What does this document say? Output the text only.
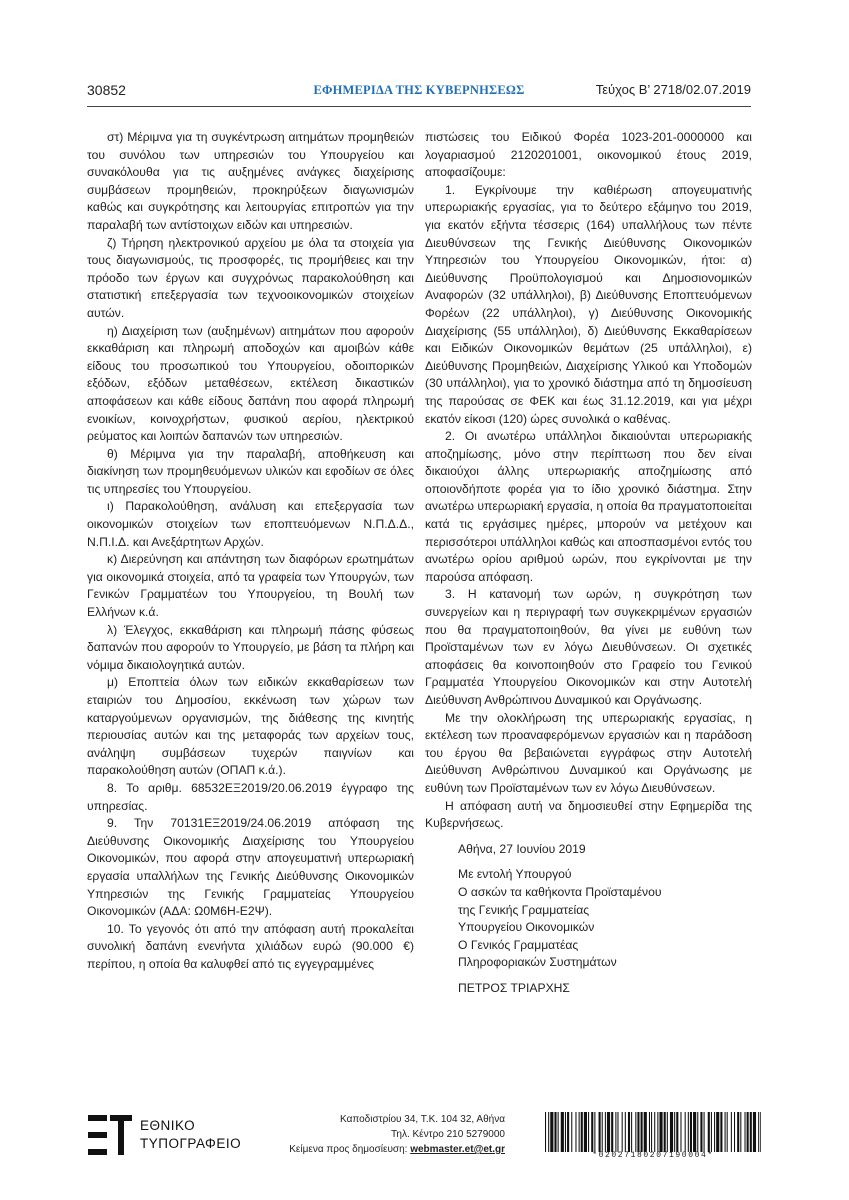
30852	ΕΦΗΜΕΡΙΔΑ ΤΗΣ ΚΥΒΕΡΝΗΣΕΩΣ	Τεύχος Β’ 2718/02.07.2019

στ) Μέριμνα για τη συγκέντρωση αιτημάτων προμηθειών του συνόλου των υπηρεσιών του Υπουργείου και συνακόλουθα για τις αυξημένες ανάγκες διαχείρισης συμβάσεων προμηθειών, προκηρύξεων διαγωνισμών καθώς και συγκρότησης και λειτουργίας επιτροπών για την παραλαβή των αντίστοιχων ειδών και υπηρεσιών.

ζ) Τήρηση ηλεκτρονικού αρχείου με όλα τα στοιχεία για τους διαγωνισμούς, τις προσφορές, τις προμήθειες και την πρόοδο των έργων και συγχρόνως παρακολούθηση και στατιστική επεξεργασία των τεχνοοικονομικών στοιχείων αυτών.

η) Διαχείριση των (αυξημένων) αιτημάτων που αφορούν εκκαθάριση και πληρωμή αποδοχών και αμοιβών κάθε είδους του προσωπικού του Υπουργείου, οδοιπορικών εξόδων, εξόδων μεταθέσεων, εκτέλεση δικαστικών αποφάσεων και κάθε είδους δαπάνη που αφορά πληρωμή ενοικίων, κοινοχρήστων, φυσικού αερίου, ηλεκτρικού ρεύματος και λοιπών δαπανών των υπηρεσιών.

θ) Μέριμνα για την παραλαβή, αποθήκευση και διακίνηση των προμηθευόμενων υλικών και εφοδίων σε όλες τις υπηρεσίες του Υπουργείου.

ι) Παρακολούθηση, ανάλυση και επεξεργασία των οικονομικών στοιχείων των εποπτευόμενων Ν.Π.Δ.Δ., Ν.Π.Ι.Δ. και Ανεξάρτητων Αρχών.

κ) Διερεύνηση και απάντηση των διαφόρων ερωτημάτων για οικονομικά στοιχεία, από τα γραφεία των Υπουργών, των Γενικών Γραμματέων του Υπουργείου, τη Βουλή των Ελλήνων κ.ά.

λ) Έλεγχος, εκκαθάριση και πληρωμή πάσης φύσεως δαπανών που αφορούν το Υπουργείο, με βάση τα πλήρη και νόμιμα δικαιολογητικά αυτών.

μ) Εποπτεία όλων των ειδικών εκκαθαρίσεων των εταιριών του Δημοσίου, εκκένωση των χώρων των καταργούμενων οργανισμών, της διάθεσης της κινητής περιουσίας αυτών και της μεταφοράς των αρχείων τους, ανάληψη συμβάσεων τυχερών παιγνίων και παρακολούθηση αυτών (ΟΠΑΠ κ.ά.).

8. Το αριθμ. 68532ΕΞ2019/20.06.2019 έγγραφο της υπηρεσίας.

9. Την 70131ΕΞ2019/24.06.2019 απόφαση της Διεύθυνσης Οικονομικής Διαχείρισης του Υπουργείου Οικονομικών, που αφορά στην απογευματινή υπερωριακή εργασία υπαλλήλων της Γενικής Διεύθυνσης Οικονομικών Υπηρεσιών της Γενικής Γραμματείας Υπουργείου Οικονομικών (ΑΔΑ: Ω0Μ6Η-Ε2Ψ).

10. Το γεγονός ότι από την απόφαση αυτή προκαλείται συνολική δαπάνη ενενήντα χιλιάδων ευρώ (90.000 €) περίπου, η οποία θα καλυφθεί από τις εγγεγραμμένες

πιστώσεις του Ειδικού Φορέα 1023-201-0000000 και λογαριασμού 2120201001, οικονομικού έτους 2019, αποφασίζουμε:

1. Εγκρίνουμε την καθιέρωση απογευματινής υπερωριακής εργασίας, για το δεύτερο εξάμηνο του 2019, για εκατόν εξήντα τέσσερις (164) υπαλλήλους των πέντε Διευθύνσεων της Γενικής Διεύθυνσης Οικονομικών Υπηρεσιών του Υπουργείου Οικονομικών, ήτοι: α) Διεύθυνσης Προϋπολογισμού και Δημοσιονομικών Αναφορών (32 υπάλληλοι), β) Διεύθυνσης Εποπτευόμενων Φορέων (22 υπάλληλοι), γ) Διεύθυνσης Οικονομικής Διαχείρισης (55 υπάλληλοι), δ) Διεύθυνσης Εκκαθαρίσεων και Ειδικών Οικονομικών θεμάτων (25 υπάλληλοι), ε) Διεύθυνσης Προμηθειών, Διαχείρισης Υλικού και Υποδομών (30 υπάλληλοι), για το χρονικό διάστημα από τη δημοσίευση της παρούσας σε ΦΕΚ και έως 31.12.2019, και για μέχρι εκατόν είκοσι (120) ώρες συνολικά ο καθένας.

2. Οι ανωτέρω υπάλληλοι δικαιούνται υπερωριακής αποζημίωσης, μόνο στην περίπτωση που δεν είναι δικαιούχοι άλλης υπερωριακής αποζημίωσης από οποιονδήποτε φορέα για το ίδιο χρονικό διάστημα. Στην ανωτέρω υπερωριακή εργασία, η οποία θα πραγματοποιείται κατά τις εργάσιμες ημέρες, μπορούν να μετέχουν και περισσότεροι υπάλληλοι καθώς και αποσπασμένοι εντός του ανωτέρω ορίου αριθμού ωρών, που εγκρίνονται με την παρούσα απόφαση.

3. Η κατανομή των ωρών, η συγκρότηση των συνεργείων και η περιγραφή των συγκεκριμένων εργασιών που θα πραγματοποιηθούν, θα γίνει με ευθύνη των Προϊσταμένων των εν λόγω Διευθύνσεων. Οι σχετικές αποφάσεις θα κοινοποιηθούν στο Γραφείο του Γενικού Γραμματέα Υπουργείου Οικονομικών και στην Αυτοτελή Διεύθυνση Ανθρώπινου Δυναμικού και Οργάνωσης.

Με την ολοκλήρωση της υπερωριακής εργασίας, η εκτέλεση των προαναφερόμενων εργασιών και η παράδοση του έργου θα βεβαιώνεται εγγράφως στην Αυτοτελή Διεύθυνση Ανθρώπινου Δυναμικού και Οργάνωσης με ευθύνη των Προϊσταμένων των εν λόγω Διευθύνσεων.

Η απόφαση αυτή να δημοσιευθεί στην Εφημερίδα της Κυβερνήσεως.

Αθήνα, 27 Ιουνίου 2019
Με εντολή Υπουργού
Ο ασκών τα καθήκοντα Προϊσταμένου
της Γενικής Γραμματείας
Υπουργείου Οικονομικών
Ο Γενικός Γραμματέας
Πληροφοριακών Συστημάτων
ΠΕΤΡΟΣ ΤΡΙΑΡΧΗΣ
ΕΘΝΙΚΟ
ΤΥΠΟΓΡΑΦΕΙΟ
Καποδιστρίου 34, Τ.Κ. 104 32, Αθήνα
Τηλ. Κέντρο 210 5279000
Κείμενα προς δημοσίευση: webmaster.et@et.gr
*02027180207190004*
